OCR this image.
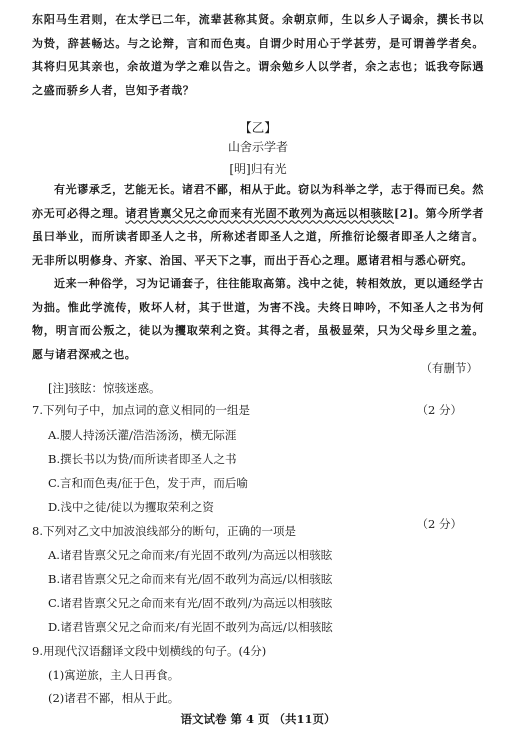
东阳马生君则，在太学已二年，流辈甚称其贤。余朝京师，生以乡人子谒余，撰长书以为贽，辞甚畅达。与之论辩，言和而色夷。自谓少时用心于学甚劳，是可谓善学者矣。其将归见其亲也，余故道为学之难以告之。谓余勉乡人以学者，余之志也；诋我夸际遇之盛而骄乡人者，岂知予者哉？

【乙】
山舍示学者
[明]归有光

有光谬承乏，艺能无长。诸君不鄙，相从于此。窃以为科举之学，志于得而已矣。然亦无可必得之理。诸君皆禀父兄之命而来有光固不敢列为高远以相骇眩[2]。第今所学者虽曰举业，而所读者即圣人之书，所称述者即圣人之道，所推衍论缀者即圣人之绪言。无非所以明修身、齐家、治国、平天下之事，而出于吾心之理。愿诸君相与悉心研究。

近来一种俗学，习为记诵套子，往往能取高第。浅中之徒，转相效放，更以通经学古为拙。惟此学流传，败坏人材，其于世道，为害不浅。夫终日呻吟，不知圣人之书为何物，明言而公叛之，徒以为攫取荣利之资。其得之者，虽极显荣，只为父母乡里之羞。愿与诸君深戒之也。

（有删节）
[注]骇眩：惊骇迷惑。
7.下列句子中，加点词的意义相同的一组是	（2 分）
A.腰人持汤沃灌/浩浩汤汤，横无际涯
B.撰长书以为贽/而所读者即圣人之书
C.言和而色夷/征于色，发于声，而后喻
D.浅中之徒/徒以为攫取荣利之资
8.下列对乙文中加波浪线部分的断句，正确的一项是	（2 分）
A.诸君皆禀父兄之命而来/有光固不敢列/为高远以相骇眩
B.诸君皆禀父兄之命而来有光/固不敢列为高远/以相骇眩
C.诸君皆禀父兄之命而来有光/固不敢列/为高远以相骇眩
D.诸君皆禀父兄之命而来/有光固不敢列为高远/以相骇眩
9.用现代汉语翻译文段中划横线的句子。(4分)
(1)寓逆旅，主人日再食。
(2)诸君不鄙，相从于此。
语文试卷 第 4 页 （共11页）
